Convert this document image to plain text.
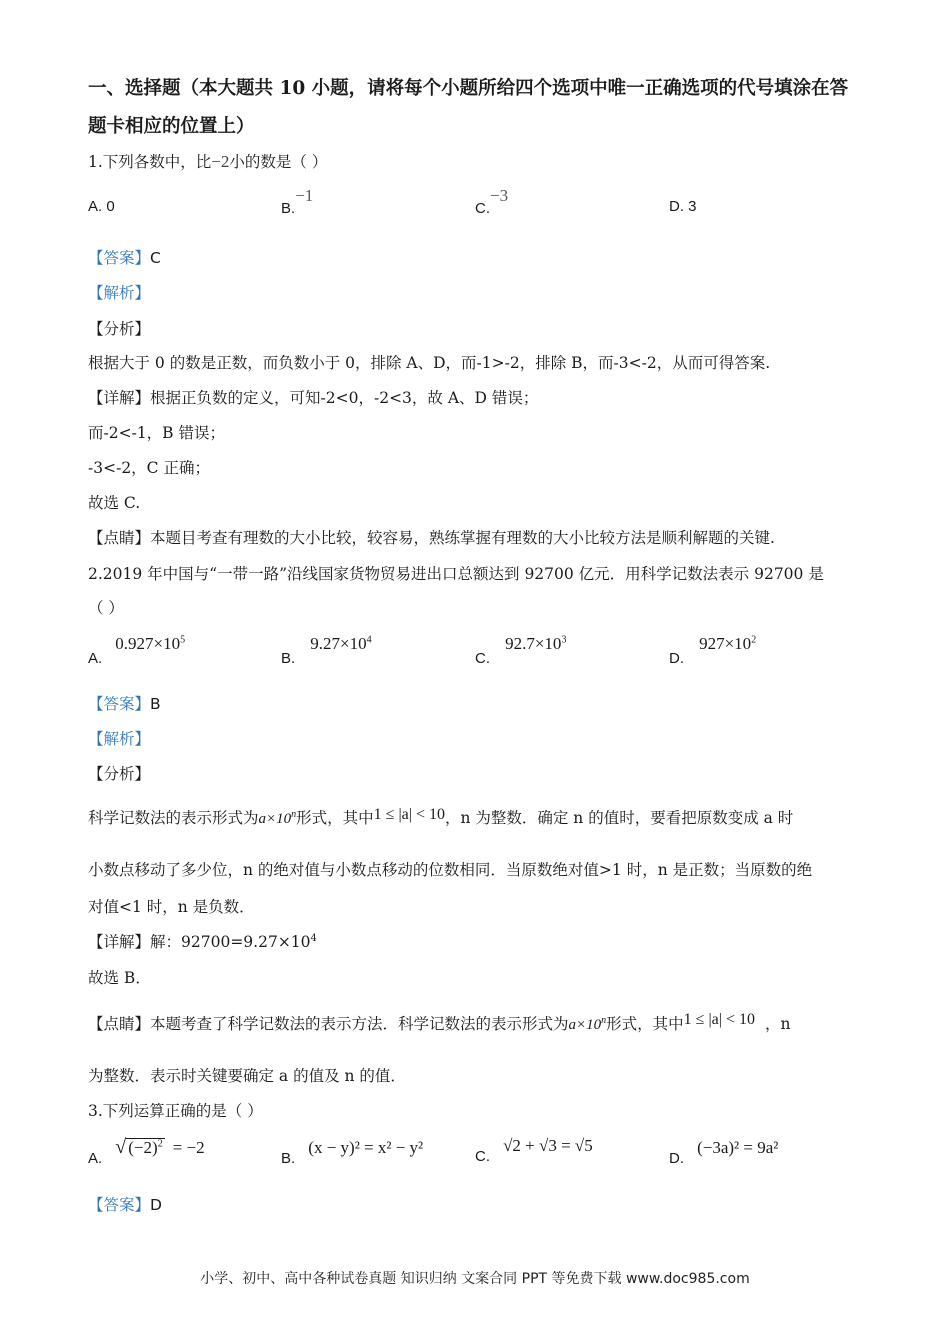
一、选择题（本大题共 10 小题，请将每个小题所给四个选项中唯一正确选项的代号填涂在答
题卡相应的位置上）
1.下列各数中，比−2小的数是（ ）
A. 0	B.−1
C.−3
D. 3
【答案】C
【解析】
【分析】
根据大于 0 的数是正数，而负数小于 0，排除 A、D，而-1>-2，排除 B，而-3<-2，从而可得答案.
【详解】根据正负数的定义，可知-2<0，-2<3，故 A、D 错误；
而-2<-1，B 错误；
-3<-2，C 正确；
故选 C.
【点睛】本题目考查有理数的大小比较，较容易，熟练掌握有理数的大小比较方法是顺利解题的关键.
2.2019 年中国与“一带一路”沿线国家货物贸易进出口总额达到 92700 亿元．用科学记数法表示 92700 是
（ ）
A. $0.927\times 10^5$
B. $9.27\times 10^4$
C. $92.7\times 10^3$
D. $927\times 10^2$
【答案】B
【解析】
【分析】
科学记数法的表示形式为$a\times 10^n$形式，其中1 ≤ |a| < 10，n 为整数．确定 n 的值时，要看把原数变成 a 时
小数点移动了多少位，n 的绝对值与小数点移动的位数相同．当原数绝对值>1 时，n 是正数；当原数的绝
对值<1 时，n 是负数．
【详解】解：$92700=9.27\times 10^4$
故选 B．
【点睛】本题考查了科学记数法的表示方法．科学记数法的表示形式为$a\times 10^n$形式，其中1 ≤ |a| < 10 ，n
为整数．表示时关键要确定 a 的值及 n 的值．
3.下列运算正确的是（ ）
A. √ $(-2)^2 = -2$
B. (x − y)² = x² − y²	C. √2 + √3 = √5
D. (−3a)² = 9a²
【答案】D
小学、初中、高中各种试卷真题 知识归纳 文案合同 PPT 等免费下载 www.doc985.com
